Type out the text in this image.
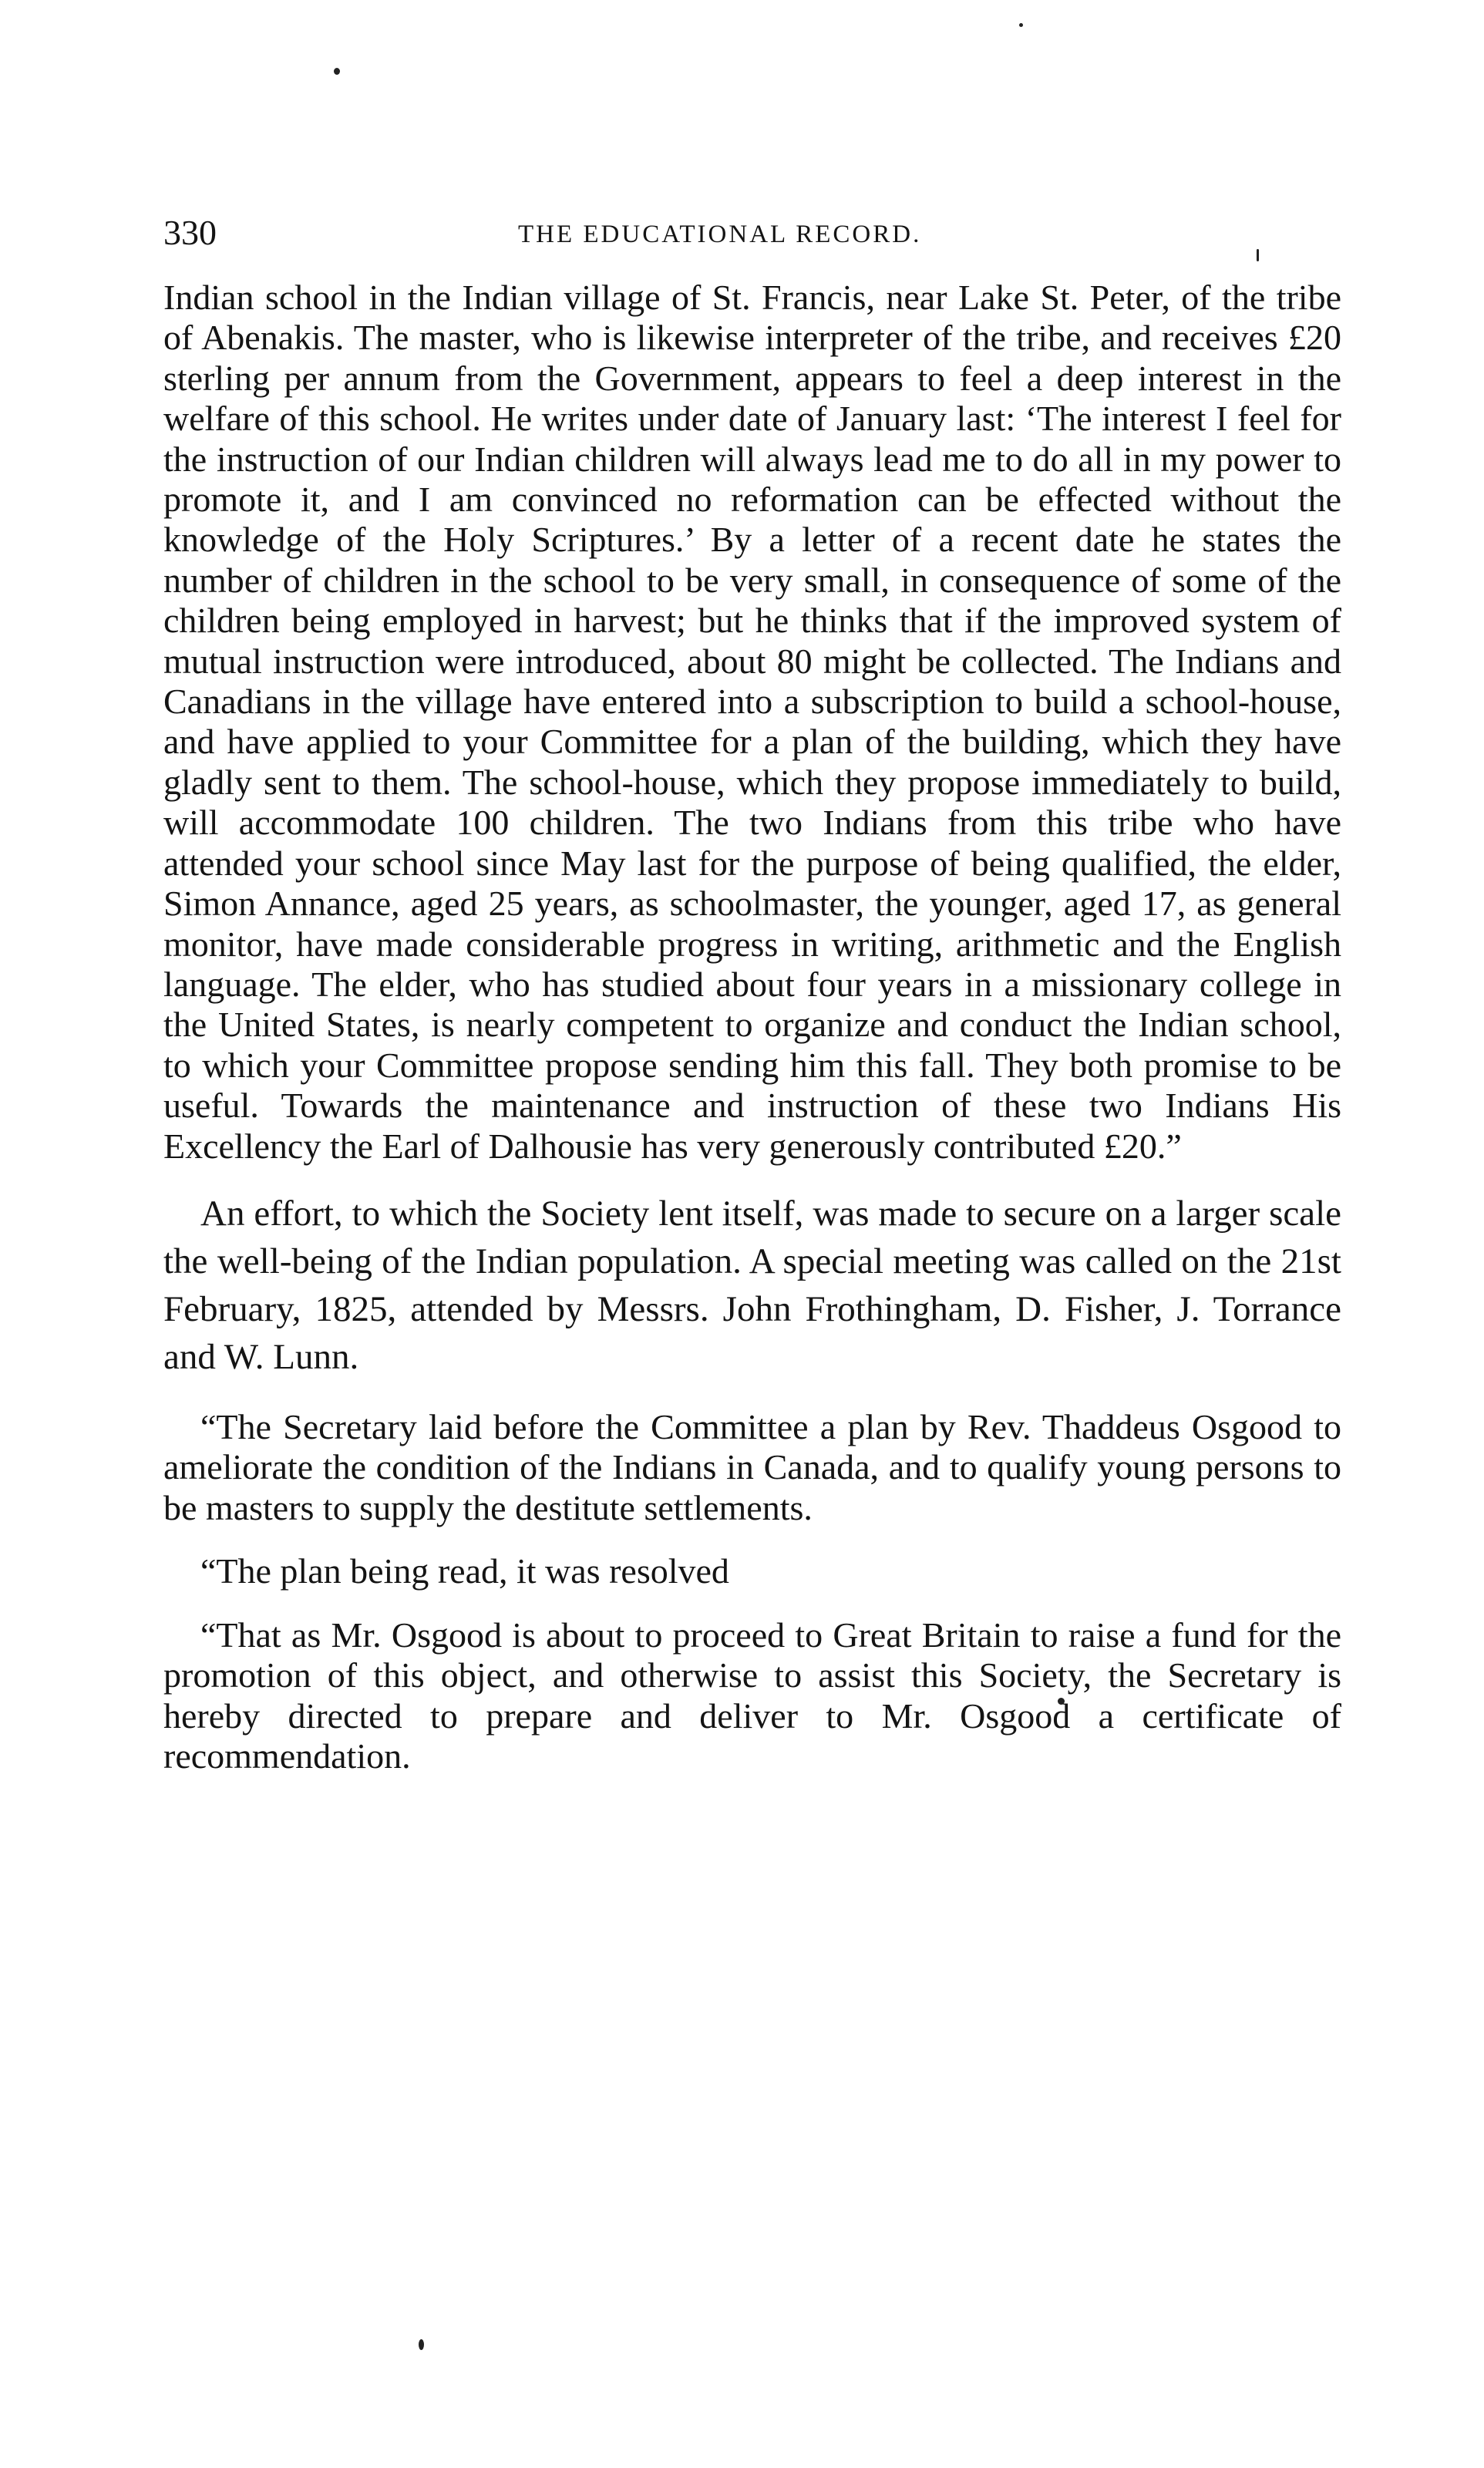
330	THE EDUCATIONAL RECORD.

Indian school in the Indian village of St. Francis, near Lake St. Peter, of the tribe of Abenakis. The master, who is likewise interpreter of the tribe, and receives £20 sterling per annum from the Government, appears to feel a deep interest in the welfare of this school. He writes under date of January last: ‘The interest I feel for the instruction of our Indian children will always lead me to do all in my power to promote it, and I am convinced no reformation can be effected without the knowledge of the Holy Scriptures.’ By a letter of a recent date he states the number of children in the school to be very small, in consequence of some of the children being employed in harvest; but he thinks that if the improved system of mutual instruction were introduced, about 80 might be collected. The Indians and Canadians in the village have entered into a subscription to build a school-house, and have applied to your Committee for a plan of the building, which they have gladly sent to them. The school-house, which they propose immediately to build, will accommodate 100 children. The two Indians from this tribe who have attended your school since May last for the purpose of being qualified, the elder, Simon Annance, aged 25 years, as schoolmaster, the younger, aged 17, as general monitor, have made considerable progress in writing, arithmetic and the English language. The elder, who has studied about four years in a missionary college in the United States, is nearly competent to organize and conduct the Indian school, to which your Committee propose sending him this fall. They both promise to be useful. Towards the maintenance and instruction of these two Indians His Excellency the Earl of Dalhousie has very generously contributed £20.”

An effort, to which the Society lent itself, was made to secure on a larger scale the well-being of the Indian population. A special meeting was called on the 21st February, 1825, attended by Messrs. John Frothingham, D. Fisher, J. Torrance and W. Lunn.

“The Secretary laid before the Committee a plan by Rev. Thaddeus Osgood to ameliorate the condition of the Indians in Canada, and to qualify young persons to be masters to supply the destitute settlements.

“The plan being read, it was resolved

“That as Mr. Osgood is about to proceed to Great Britain to raise a fund for the promotion of this object, and otherwise to assist this Society, the Secretary is hereby directed to prepare and deliver to Mr. Osgood a certificate of recommendation.
